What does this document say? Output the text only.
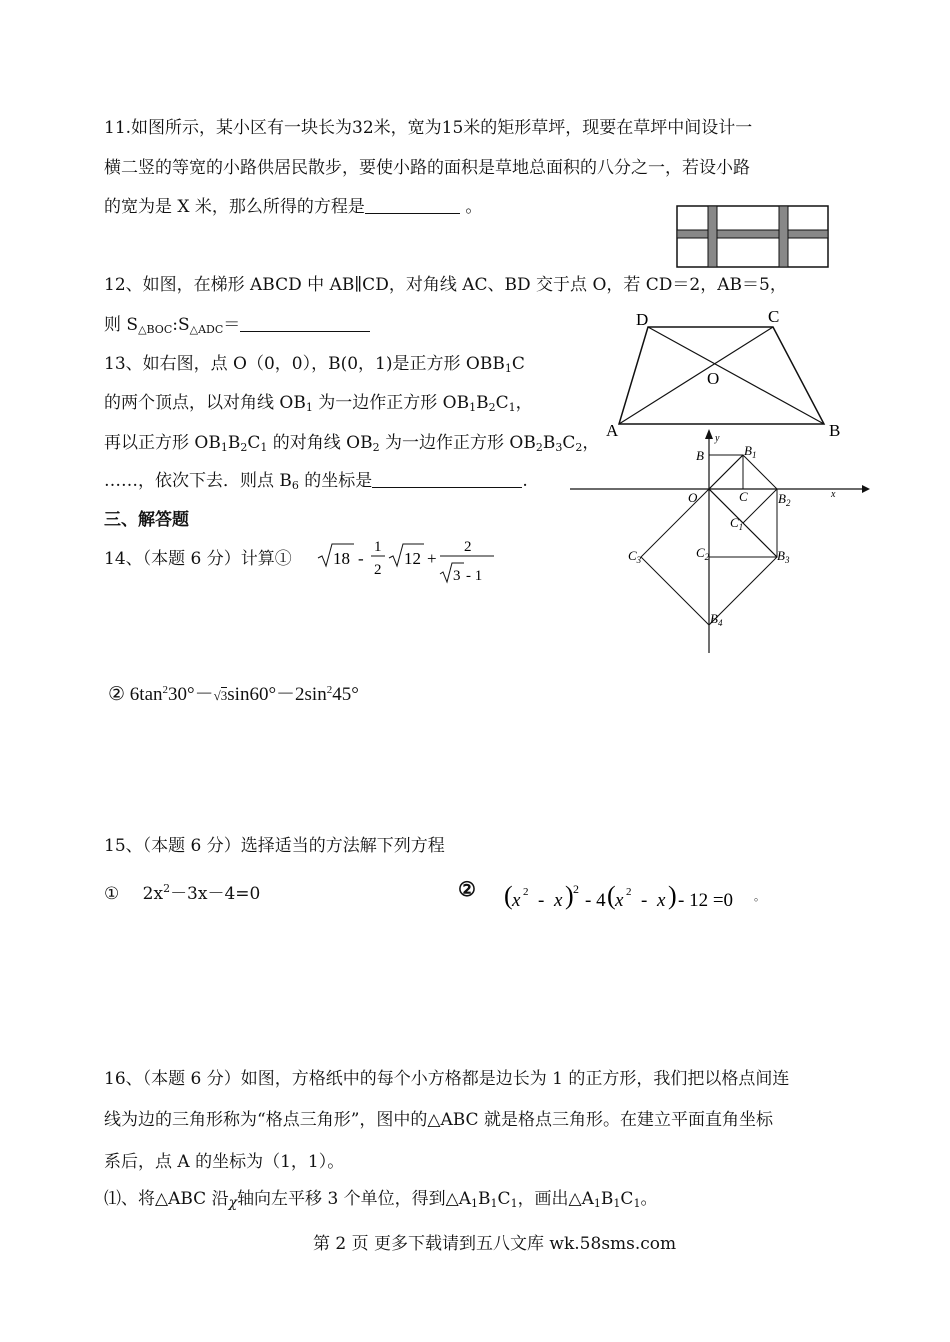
11.如图所示，某小区有一块长为32米，宽为15米的矩形草坪，现要在草坪中间设计一
横二竖的等宽的小路供居民散步，要使小路的面积是草地总面积的八分之一，若设小路
的宽为是 X 米，那么所得的方程是	。
12、如图，在梯形 ABCD 中 AB∥CD，对角线 AC、BD 交于点 O，若 CD＝2，AB＝5，
则 $S_{\triangle BOC}:S_{\triangle ADC}=$	D	C
O
A	B
13、如右图，点 O（0，0），B(0，1)是正方形 $OBB_1C$
的两个顶点，以对角线 $OB_1$ 为一边作正方形 $OB_1B_2C_1$，
再以正方形 $OB_1B_2C_1$ 的对角线 $OB_2$ 为一边作正方形 $OB_2B_3C_2$，
……，依次下去．则点 $B_6$ 的坐标是	.
y
x
B	$B_1$
O	C $B_2$
$C_1$
$C_2$	$B_3$
$C_3$
$B_4$
三、解答题
14、（本题 6 分）计算① 18 -
1
2
12 +
2
3 - 1
② $6\tan^230^\circ-√3\sin 60^\circ-2\sin^245^\circ$
15、（本题 6 分）选择适当的方法解下列方程
① $2x^2-3x-4=0$	② ( x 2 - x ) 2
- 4 ( x 2 - x ) - 12 =0 。
16、（本题 6 分）如图，方格纸中的每个小方格都是边长为 1 的正方形，我们把以格点间连
线为边的三角形称为“格点三角形”，图中的△ABC 就是格点三角形。在建立平面直角坐标
系后，点 A 的坐标为（1，1）。
⑴、将△ABC 沿χ轴向左平移 3 个单位，得到$\triangle A_1B_1C_1$，画出$\triangle A_1B_1C_1$。
第 2 页 更多下载请到五八文库 wk.58sms.com
